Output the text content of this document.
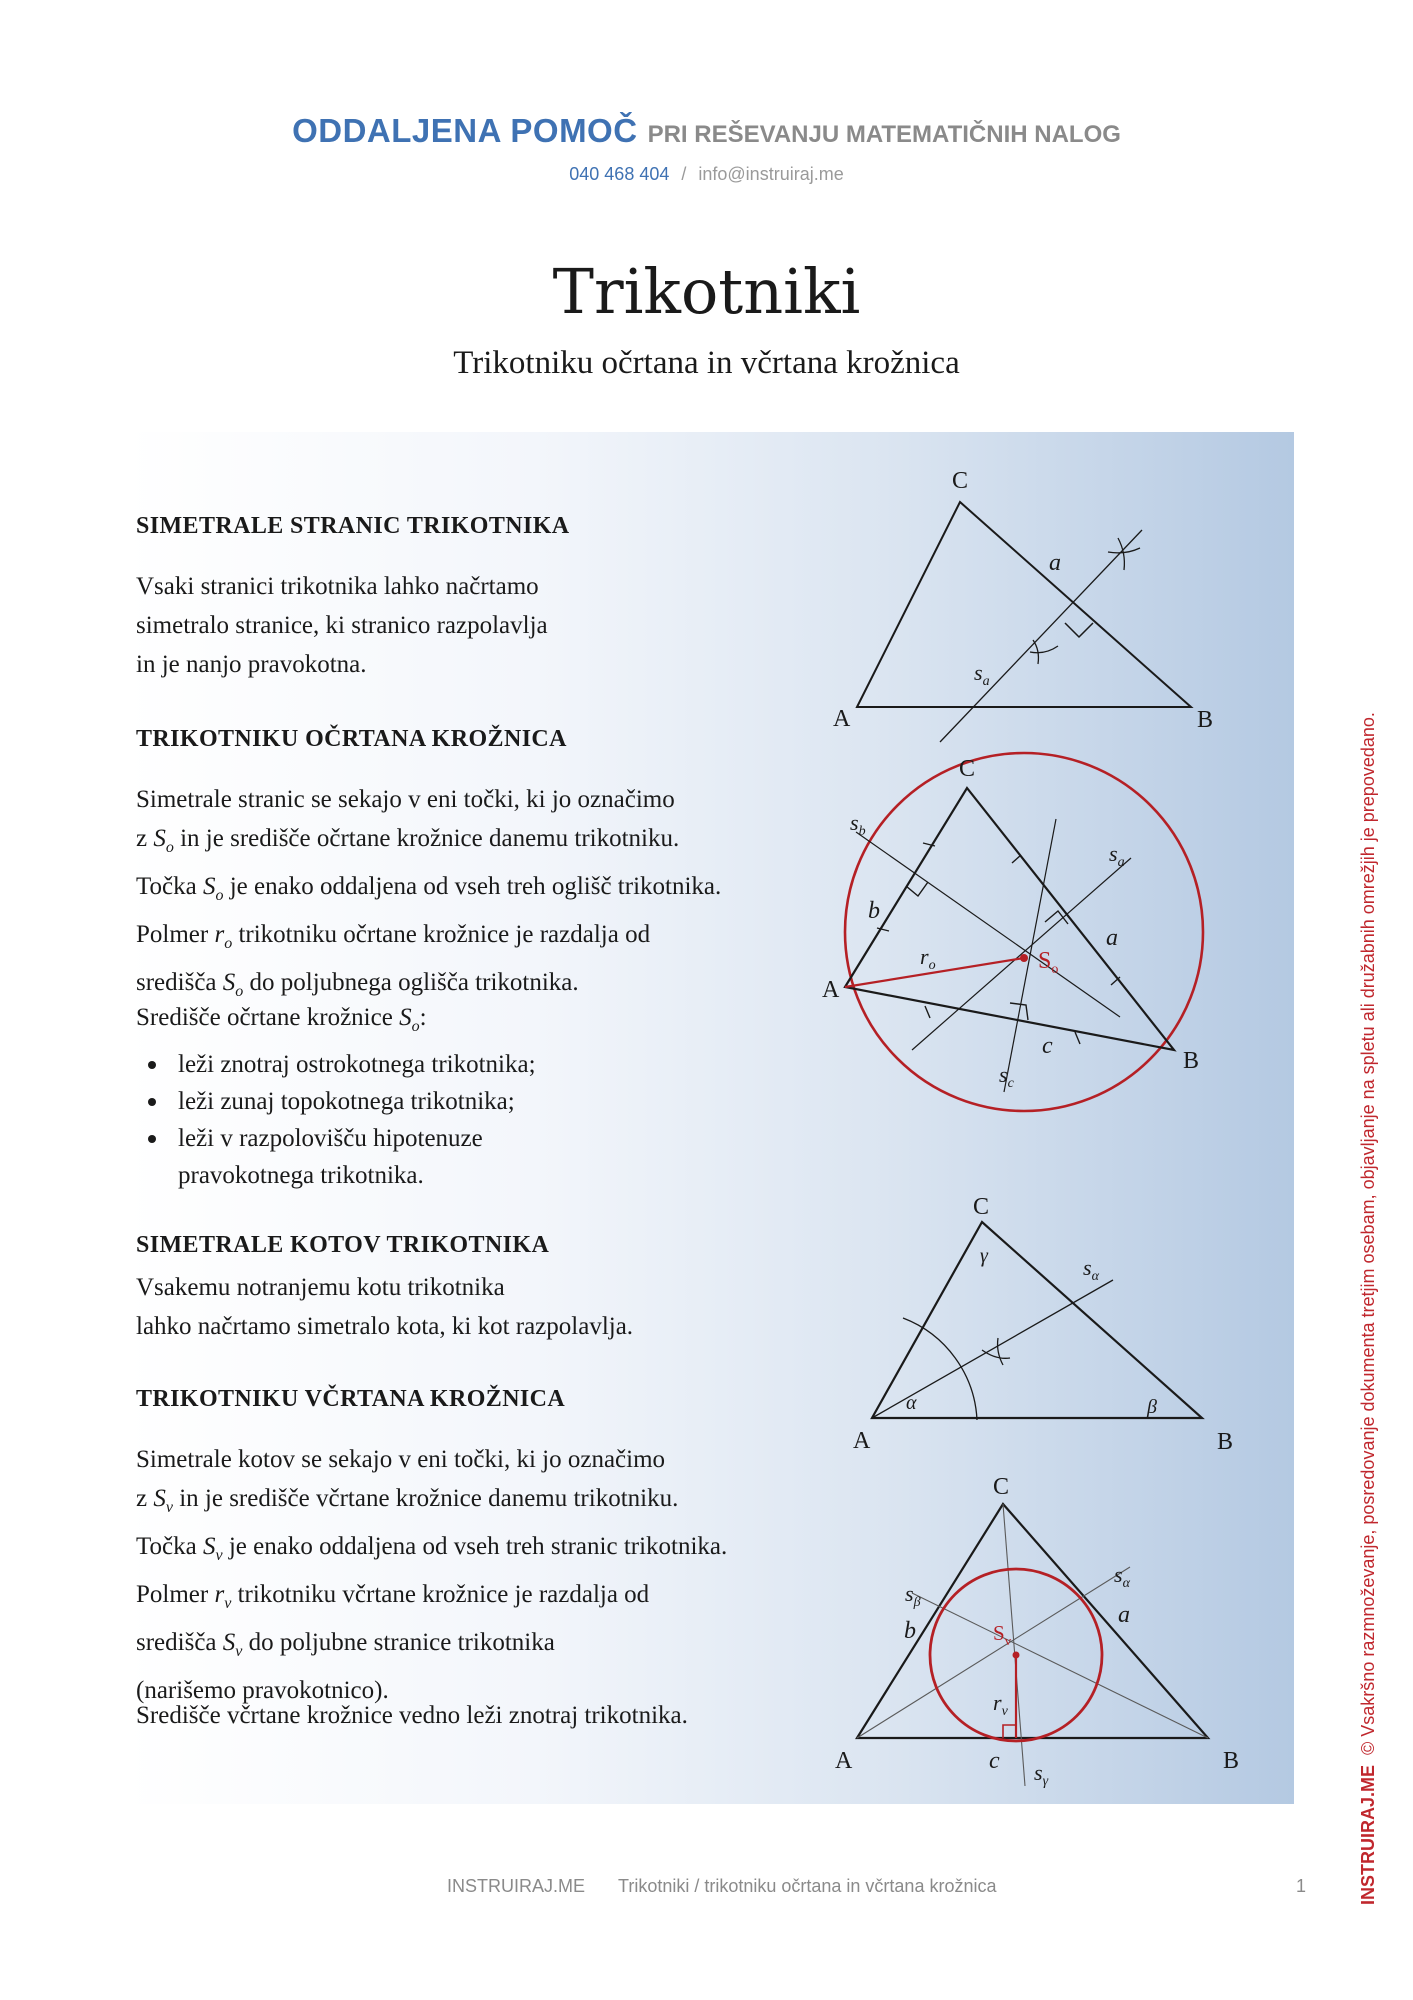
ODDALJENA POMOČ PRI REŠEVANJU MATEMATIČNIH NALOG
040 468 404 / info@instruiraj.me
Trikotniki
Trikotniku očrtana in včrtana krožnica
SIMETRALE STRANIC TRIKOTNIKA
Vsaki stranici trikotnika lahko načrtamo
simetralo stranice, ki stranico razpolavlja
in je nanjo pravokotna.
TRIKOTNIKU OČRTANA KROŽNICA
Simetrale stranic se sekajo v eni točki, ki jo označimo
z $S_o$ in je središče očrtane krožnice danemu trikotniku.
Točka $S_o$ je enako oddaljena od vseh treh oglišč trikotnika.
Polmer $r_o$ trikotniku očrtane krožnice je razdalja od
središča $S_o$ do poljubnega oglišča trikotnika.
Središče očrtane krožnice $S_o$:
leži znotraj ostrokotnega trikotnika;
leži zunaj topokotnega trikotnika;
leži v razpolovišču hipotenuze
pravokotnega trikotnika.
SIMETRALE KOTOV TRIKOTNIKA
Vsakemu notranjemu kotu trikotnika
lahko načrtamo simetralo kota, ki kot razpolavlja.
TRIKOTNIKU VČRTANA KROŽNICA
Simetrale kotov se sekajo v eni točki, ki jo označimo
z $S_v$ in je središče včrtane krožnice danemu trikotniku.
Točka $S_v$ je enako oddaljena od vseh treh stranic trikotnika.
Polmer $r_v$ trikotniku včrtane krožnice je razdalja od
središča $S_v$ do poljubne stranice trikotnika
(narišemo pravokotnico).
Središče včrtane krožnice vedno leži znotraj trikotnika.
C
A	B
a
$s_a$
C
A
B
b
a
c
$s_b$
$s_a$
$s_c$
$r_o$	$S_o$
C
A	B
γ
α	β
$s_\alpha$
C
A	B
b
a
c
$s_\beta$
$s_\alpha$
$s_\gamma$
$r_v$
$S_v$
INSTRUIRAJ.ME Trikotniki / trikotniku očrtana in včrtana krožnica	1	INSTRUIRAJ.ME  © Vsakršno razmnoževanje, posredovanje dokumenta tretjim osebam, objavljanje na spletu ali družabnih omrežjih je prepovedano.
